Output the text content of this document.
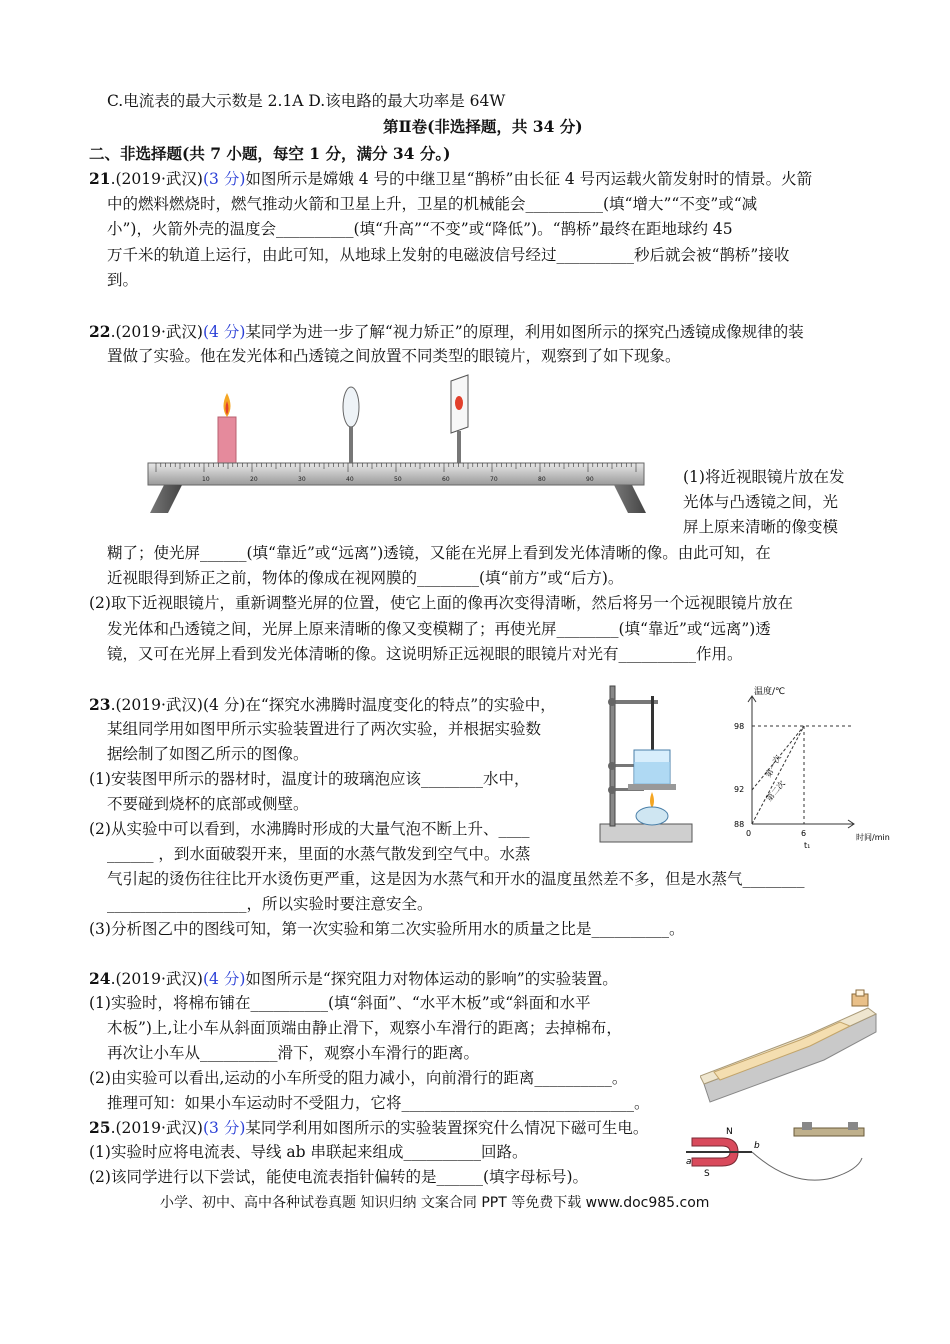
C.电流表的最大示数是 2.1A D.该电路的最大功率是 64W
第Ⅱ卷(非选择题，共 34 分)
二、非选择题(共 7 小题，每空 1 分，满分 34 分。)
21.(2019·武汉)(3 分)如图所示是嫦娥 4 号的中继卫星“鹊桥”由长征 4 号丙运载火箭发射时的情景。火箭
中的燃料燃烧时，燃气推动火箭和卫星上升，卫星的机械能会__________(填“增大”“不变”或“减
小”)，火箭外壳的温度会__________(填“升高”“不变”或“降低”)。“鹊桥”最终在距地球约 45
万千米的轨道上运行，由此可知，从地球上发射的电磁波信号经过__________秒后就会被“鹊桥”接收
到。
22.(2019·武汉)(4 分)某同学为进一步了解“视力矫正”的原理，利用如图所示的探究凸透镜成像规律的装
置做了实验。他在发光体和凸透镜之间放置不同类型的眼镜片，观察到了如下现象。
10	20	30	40	50	60	70	80	90	(1)将近视眼镜片放在发
光体与凸透镜之间，光
屏上原来清晰的像变模
糊了；使光屏______(填“靠近”或“远离”)透镜，又能在光屏上看到发光体清晰的像。由此可知，在
近视眼得到矫正之前，物体的像成在视网膜的________(填“前方”或“后方)。
(2)取下近视眼镜片，重新调整光屏的位置，使它上面的像再次变得清晰，然后将另一个远视眼镜片放在
发光体和凸透镜之间，光屏上原来清晰的像又变模糊了；再使光屏________(填“靠近”或“远离”)透
镜，又可在光屏上看到发光体清晰的像。这说明矫正远视眼的眼镜片对光有__________作用。
23.(2019·武汉)(4 分)在“探究水沸腾时温度变化的特点”的实验中，
某组同学用如图甲所示实验装置进行了两次实验，并根据实验数
据绘制了如图乙所示的图像。
(1)安装图甲所示的器材时，温度计的玻璃泡应该________水中，
不要碰到烧杯的底部或侧壁。
(2)从实验中可以看到，水沸腾时形成的大量气泡不断上升、____
______ ，到水面破裂开来，里面的水蒸气散发到空气中。水蒸
气引起的烫伤往往比开水烫伤更严重，这是因为水蒸气和开水的温度虽然差不多，但是水蒸气________
__________________，所以实验时要注意安全。
(3)分析图乙中的图线可知，第一次实验和第二次实验所用水的质量之比是__________。
温度/℃
时间/min
98
92
88
0	6
t₁
第一次
第二次
24.(2019·武汉)(4 分)如图所示是“探究阻力对物体运动的影响”的实验装置。
(1)实验时，将棉布铺在__________(填“斜面”、“水平木板”或“斜面和水平
木板”)上,让小车从斜面顶端由静止滑下，观察小车滑行的距离；去掉棉布，
再次让小车从__________滑下，观察小车滑行的距离。
(2)由实验可以看出,运动的小车所受的阻力减小，向前滑行的距离__________。
推理可知：如果小车运动时不受阻力，它将______________________________。
25.(2019·武汉)(3 分)某同学利用如图所示的实验装置探究什么情况下磁可生电。
(1)实验时应将电流表、导线 ab 串联起来组成__________回路。
(2)该同学进行以下尝试，能使电流表指针偏转的是______(填字母标号)。
a
S
N
b
小学、初中、高中各种试卷真题 知识归纳 文案合同 PPT 等免费下载 www.doc985.com
